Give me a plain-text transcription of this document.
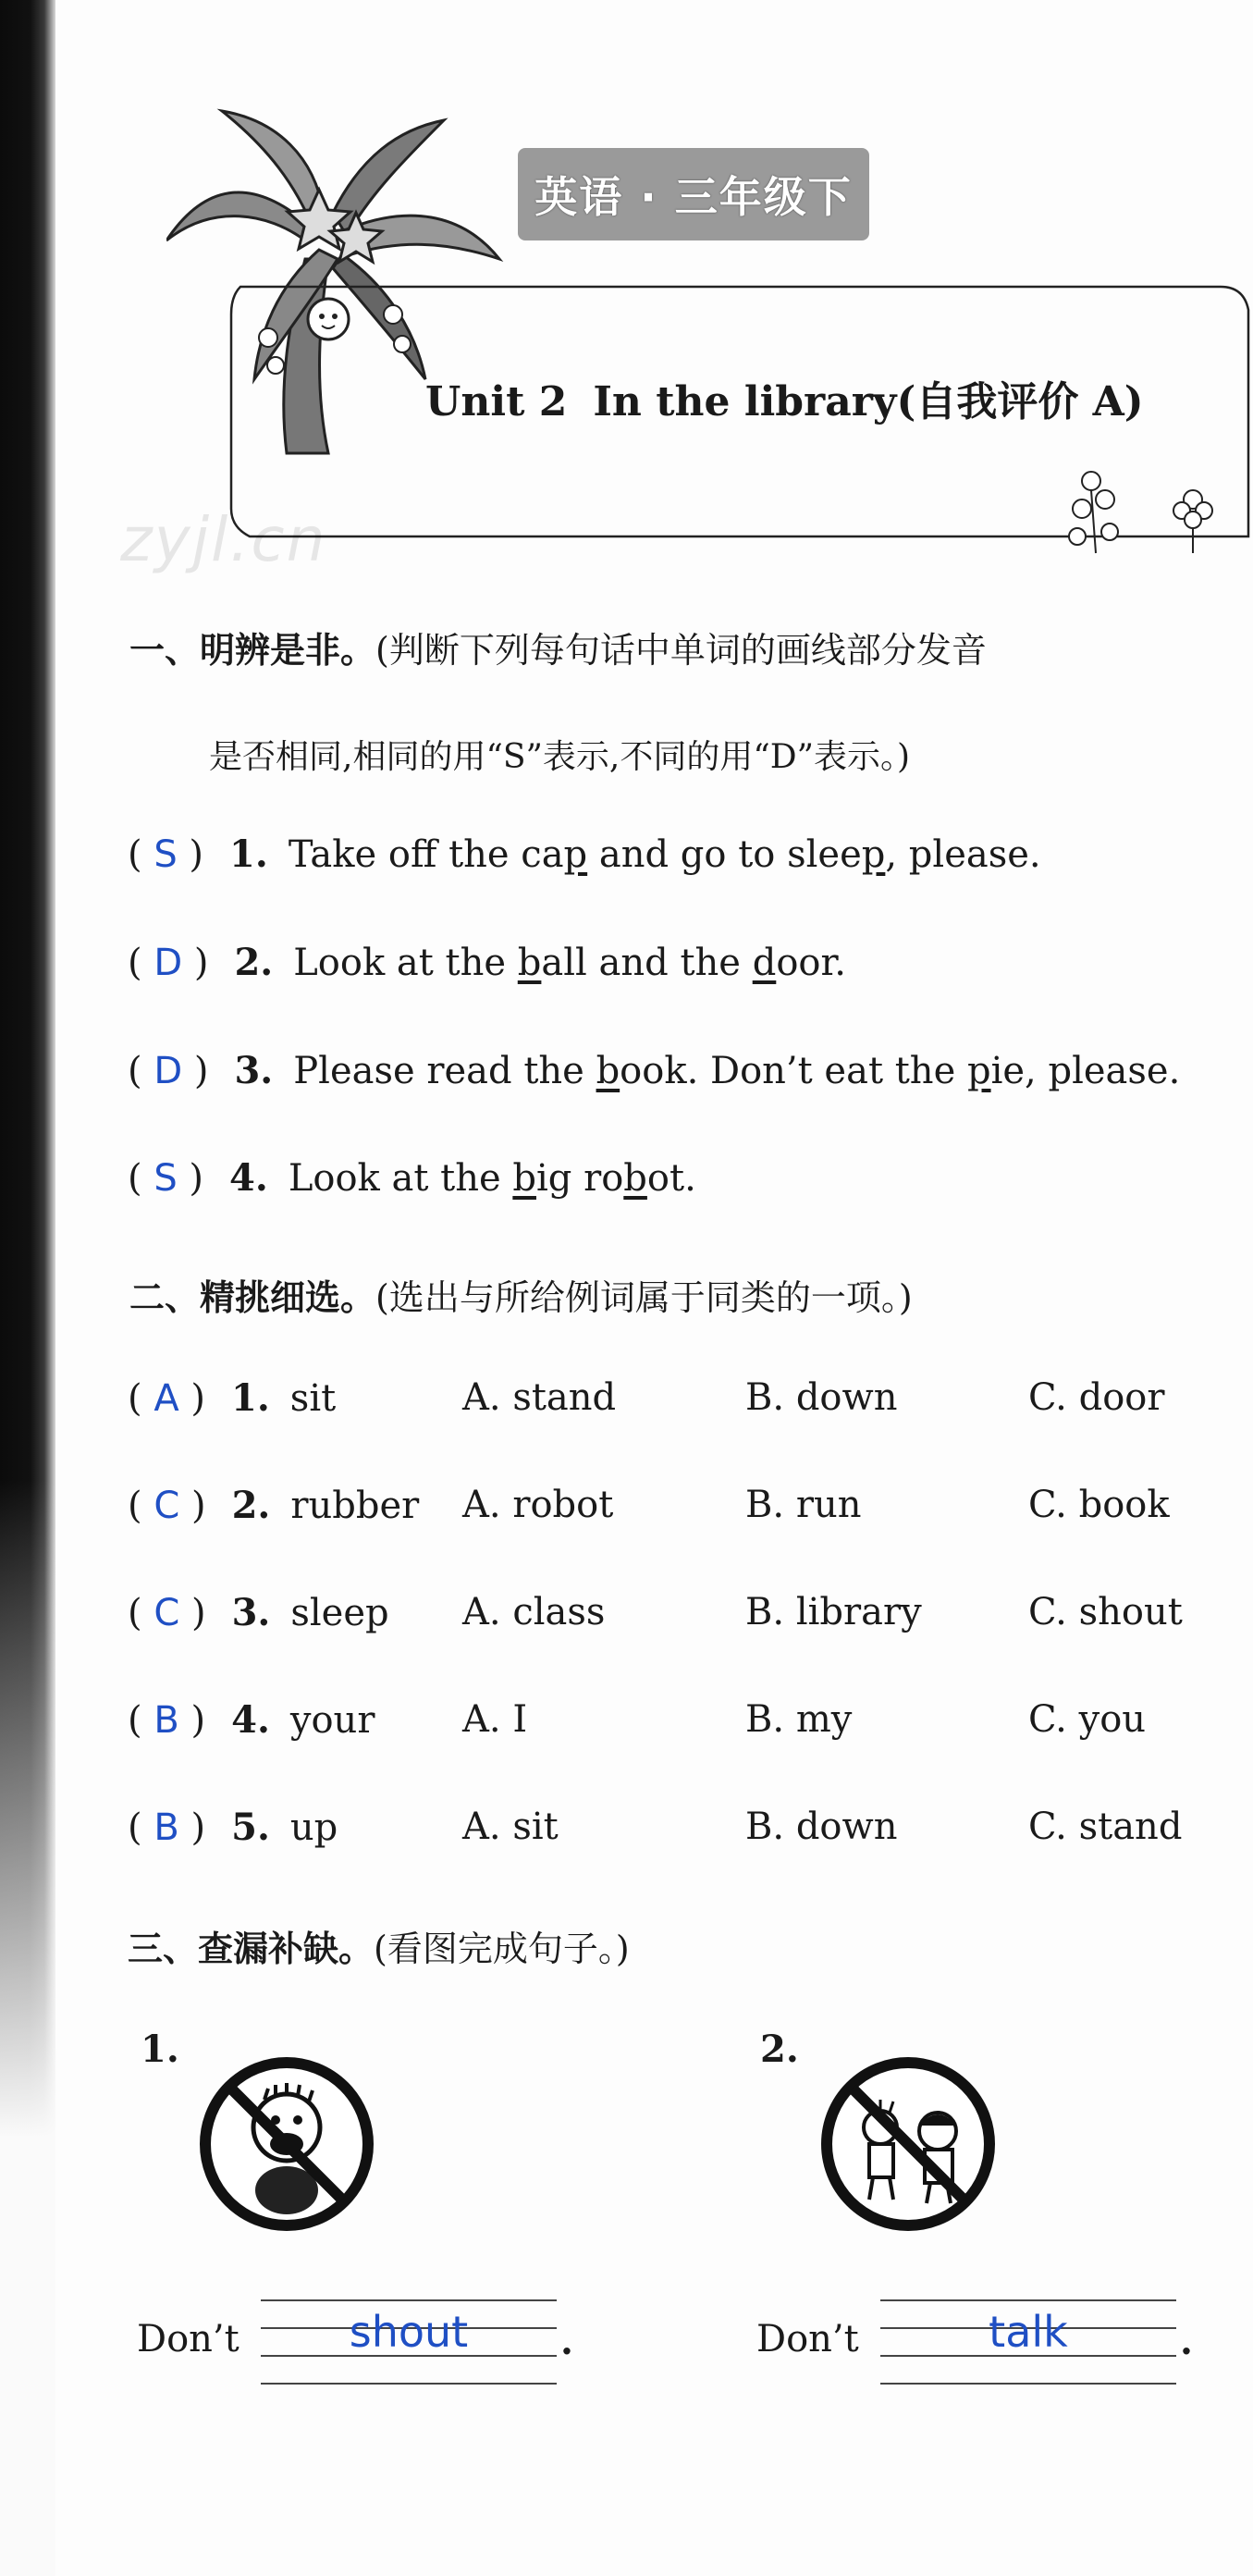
英语 · 三年级下
Unit 2 In the library(自我评价 A)
zyjl.cn
一、明辨是非。(判断下列每句话中单词的画线部分发音
是否相同,相同的用“S”表示,不同的用“D”表示。)
( S ) 1. Take off the cap and go to sleep, please.
( D ) 2. Look at the ball and the door.
( D ) 3. Please read the book. Don’t eat the pie, please.
( S ) 4. Look at the big robot.
二、精挑细选。(选出与所给例词属于同类的一项。)
( A ) 1. sit	A. stand	B. down	C. door
( C ) 2. rubber A. robot	B. run	C. book
( C ) 3. sleep A. class	B. library	C. shout
( B ) 4. your A. I	B. my	C. you
( B ) 5. up	A. sit	B. down	C. stand
三、查漏补缺。(看图完成句子。)
1.
Don’t	shout	.
2.
Don’t	talk	.
